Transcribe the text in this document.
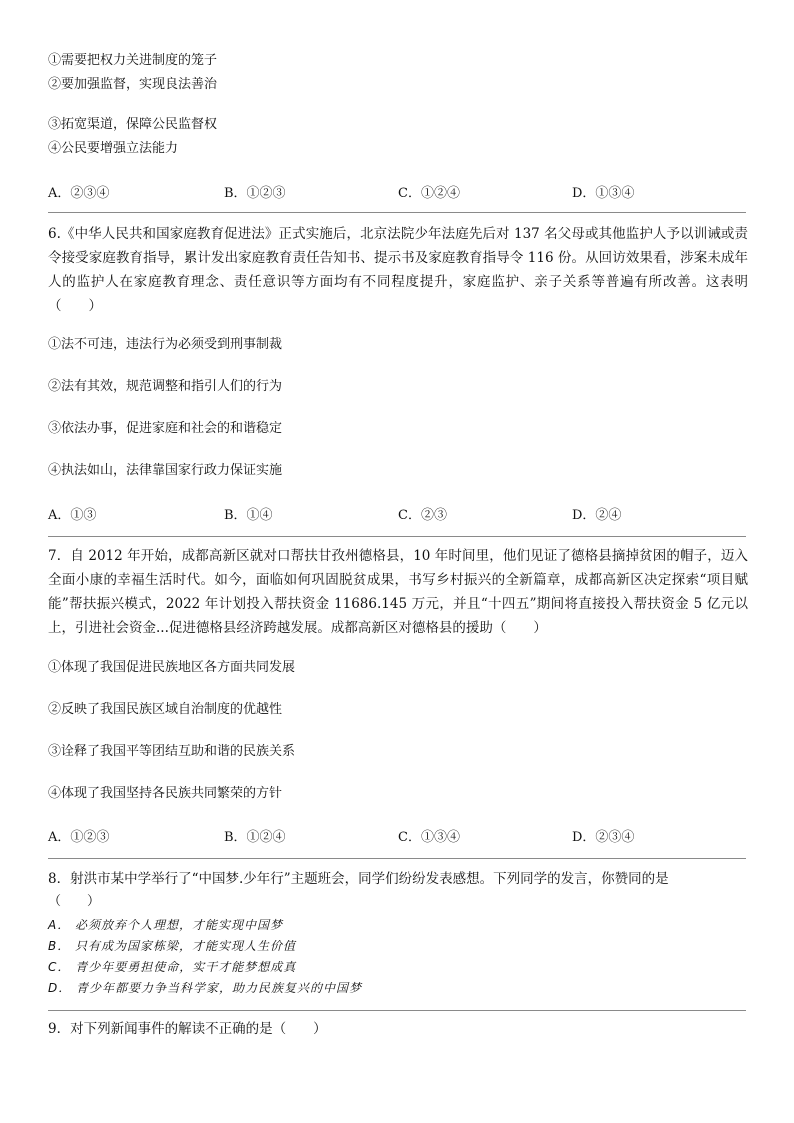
①需要把权力关进制度的笼子
②要加强监督，实现良法善治
③拓宽渠道，保障公民监督权
④公民要增强立法能力
A．②③④	B．①②③	C．①②④	D．①③④
6.《中华人民共和国家庭教育促进法》正式实施后，北京法院少年法庭先后对 137 名父母或其他监护人予以训诫或责令接受家庭教育指导，累计发出家庭教育责任告知书、提示书及家庭教育指导令 116 份。从回访效果看，涉案未成年人的监护人在家庭教育理念、责任意识等方面均有不同程度提升，家庭监护、亲子关系等普遍有所改善。这表明（　　）
①法不可违，违法行为必须受到刑事制裁
②法有其效，规范调整和指引人们的行为
③依法办事，促进家庭和社会的和谐稳定
④执法如山，法律靠国家行政力保证实施
A．①③	B．①④	C．②③	D．②④
7．自 2012 年开始，成都高新区就对口帮扶甘孜州德格县，10 年时间里，他们见证了德格县摘掉贫困的帽子，迈入全面小康的幸福生活时代。如今，面临如何巩固脱贫成果，书写乡村振兴的全新篇章，成都高新区决定探索“项目赋能”帮扶振兴模式，2022 年计划投入帮扶资金 11686.145 万元，并且“十四五”期间将直接投入帮扶资金 5 亿元以上，引进社会资金...促进德格县经济跨越发展。成都高新区对德格县的援助（　　）
①体现了我国促进民族地区各方面共同发展
②反映了我国民族区域自治制度的优越性
③诠释了我国平等团结互助和谐的民族关系
④体现了我国坚持各民族共同繁荣的方针
A．①②③	B．①②④	C．①③④	D．②③④
8．射洪市某中学举行了“中国梦.少年行”主题班会，同学们纷纷发表感想。下列同学的发言，你赞同的是
（　　）
A． 必须放弃个人理想，才能实现中国梦
B． 只有成为国家栋梁，才能实现人生价值
C． 青少年要勇担使命，实干才能梦想成真
D． 青少年都要力争当科学家，助力民族复兴的中国梦
9．对下列新闻事件的解读不正确的是（　　）
